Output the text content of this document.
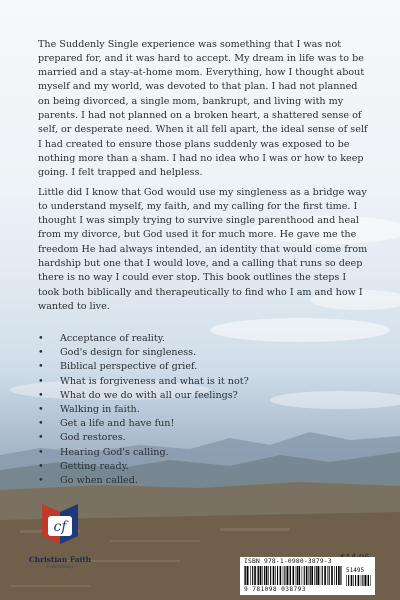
The Suddenly Single experience was something that I was not prepared for, and it was hard to accept. My dream in life was to be married and a stay-at-home mom. Everything, how I thought about myself and my world, was devoted to that plan. I had not planned on being divorced, a single mom, bankrupt, and living with my parents. I had not planned on a broken heart, a shattered sense of self, or desperate need. When it all fell apart, the ideal sense of self I had created to ensure those plans suddenly was exposed to be nothing more than a sham. I had no idea who I was or how to keep going. I felt trapped and helpless.

Little did I know that God would use my singleness as a bridge way to understand myself, my faith, and my calling for the first time. I thought I was simply trying to survive single parenthood and heal from my divorce, but God used it for much more. He gave me the freedom He had always intended, an identity that would come from hardship but one that I would love, and a calling that runs so deep there is no way I could ever stop. This book outlines the steps I took both biblically and therapeutically to find who I am and how I wanted to live.

•	Acceptance of reality.
•	God's design for singleness.
•	Biblical perspective of grief.
•	What is forgiveness and what is it not?
•	What do we do with all our feelings?
•	Walking in faith.
•	Get a life and have fun!
•	God restores.
•	Hearing God's calling.
•	Getting ready.
•	Go when called.
cf
Christian Faith
Publishing
ISBN 978-1-0980-3879-3
51495
9 781098 038793
